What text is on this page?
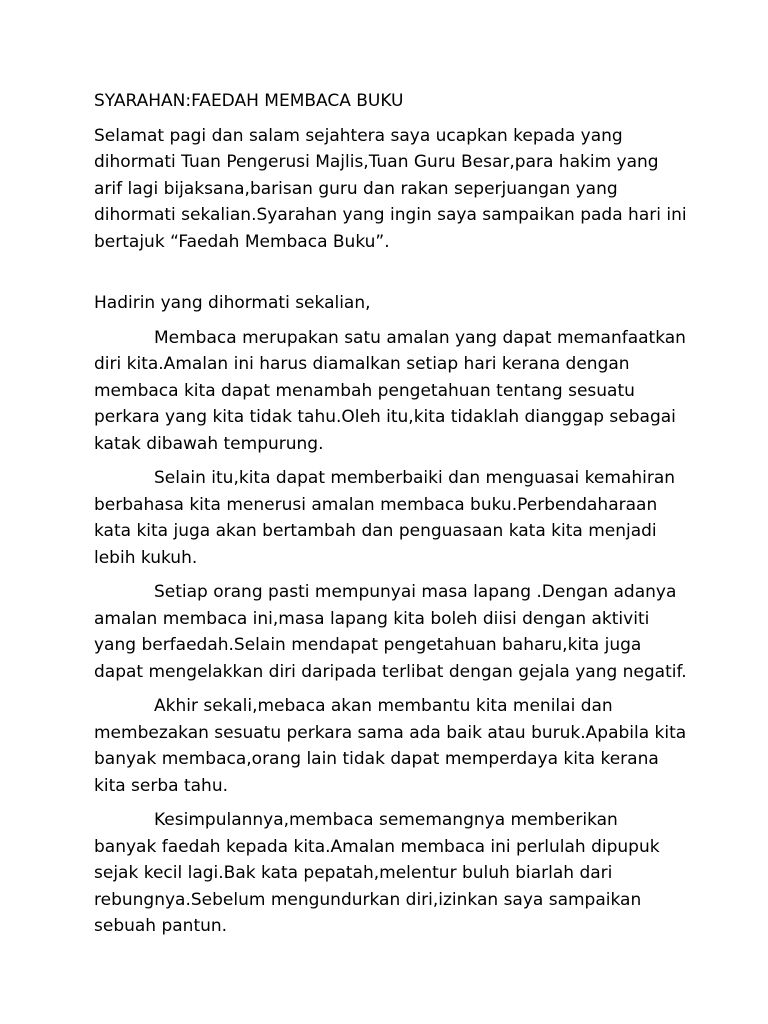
SYARAHAN:FAEDAH MEMBACA BUKU

Selamat pagi dan salam sejahtera saya ucapkan kepada yang
dihormati Tuan Pengerusi Majlis,Tuan Guru Besar,para hakim yang
arif lagi bijaksana,barisan guru dan rakan seperjuangan yang
dihormati sekalian.Syarahan yang ingin saya sampaikan pada hari ini
bertajuk “Faedah Membaca Buku”.

Hadirin yang dihormati sekalian,

Membaca merupakan satu amalan yang dapat memanfaatkan
diri kita.Amalan ini harus diamalkan setiap hari kerana dengan
membaca kita dapat menambah pengetahuan tentang sesuatu
perkara yang kita tidak tahu.Oleh itu,kita tidaklah dianggap sebagai
katak dibawah tempurung.

Selain itu,kita dapat memberbaiki dan menguasai kemahiran
berbahasa kita menerusi amalan membaca buku.Perbendaharaan
kata kita juga akan bertambah dan penguasaan kata kita menjadi
lebih kukuh.

Setiap orang pasti mempunyai masa lapang .Dengan adanya
amalan membaca ini,masa lapang kita boleh diisi dengan aktiviti
yang berfaedah.Selain mendapat pengetahuan baharu,kita juga
dapat mengelakkan diri daripada terlibat dengan gejala yang negatif.

Akhir sekali,mebaca akan membantu kita menilai dan
membezakan sesuatu perkara sama ada baik atau buruk.Apabila kita
banyak membaca,orang lain tidak dapat memperdaya kita kerana
kita serba tahu.

Kesimpulannya,membaca sememangnya memberikan
banyak faedah kepada kita.Amalan membaca ini perlulah dipupuk
sejak kecil lagi.Bak kata pepatah,melentur buluh biarlah dari
rebungnya.Sebelum mengundurkan diri,izinkan saya sampaikan
sebuah pantun.
